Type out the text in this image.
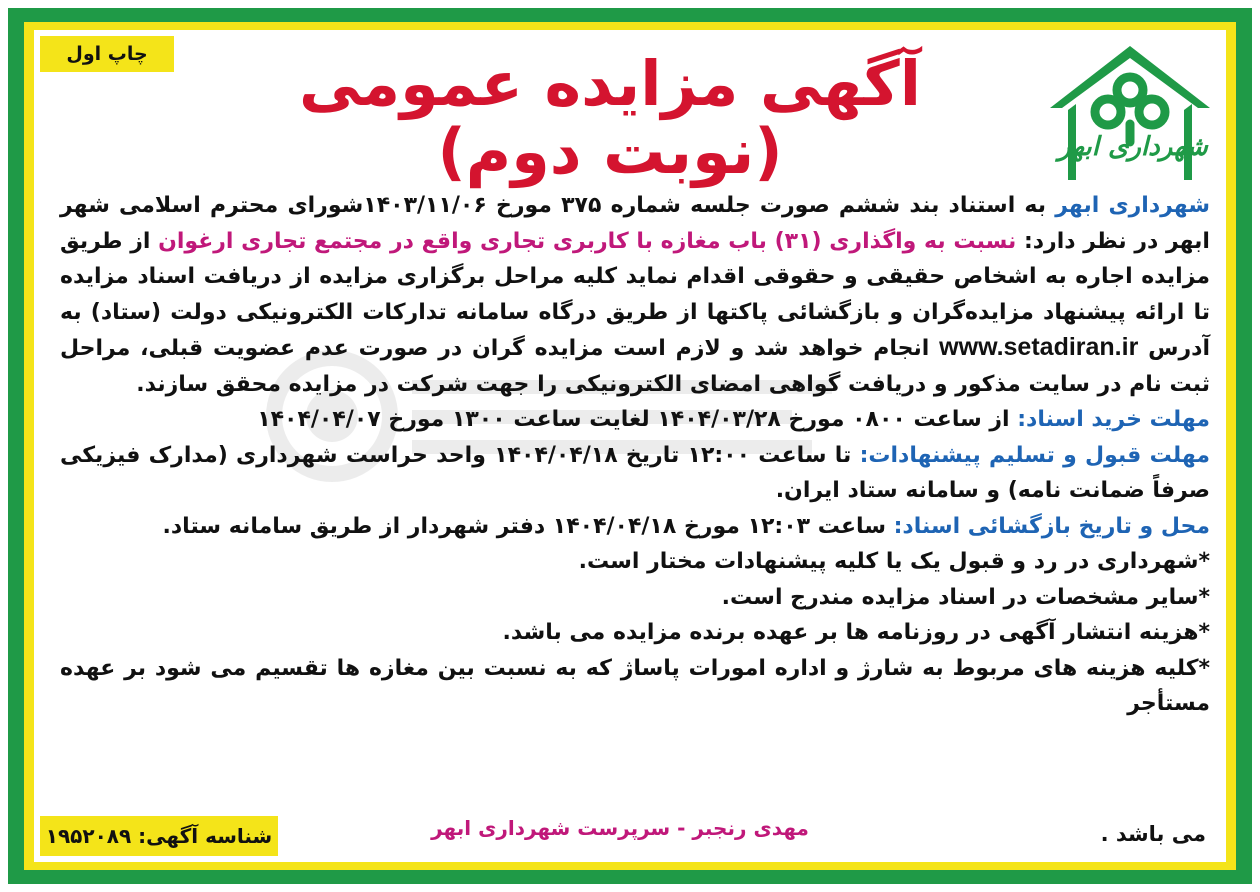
چاپ اول
شهرداری ابهر
آگهی مزایده عمومی (نوبت دوم)

شهرداری ابهر به استناد بند ششم صورت جلسه شماره ۳۷۵ مورخ ۱۴۰۳/۱۱/۰۶شورای محترم اسلامی شهر ابهر در نظر دارد: نسبت به واگذاری (۳۱) باب مغازه با کاربری تجاری واقع در مجتمع تجاری ارغوان از طریق مزایده اجاره به اشخاص حقیقی و حقوقی اقدام نماید کلیه مراحل برگزاری مزایده از دریافت اسناد مزایده تا ارائه پیشنهاد مزایده‌گران و بازگشائی پاکتها از طریق درگاه سامانه تدارکات الکترونیکی دولت (ستاد) به آدرس www.setadiran.ir انجام خواهد شد و لازم است مزایده گران در صورت عدم عضویت قبلی، مراحل ثبت نام در سایت مذکور و دریافت گواهی امضای الکترونیکی را جهت شرکت در مزایده محقق سازند.

مهلت خرید اسناد: از ساعت ۰۸۰۰ مورخ ۱۴۰۴/۰۳/۲۸ لغایت ساعت ۱۳۰۰ مورخ ۱۴۰۴/۰۴/۰۷

مهلت قبول و تسلیم پیشنهادات: تا ساعت ۱۲:۰۰ تاریخ ۱۴۰۴/۰۴/۱۸ واحد حراست شهرداری (مدارک فیزیکی صرفاً ضمانت نامه) و سامانه ستاد ایران.

محل و تاریخ بازگشائی اسناد: ساعت ۱۲:۰۳ مورخ ۱۴۰۴/۰۴/۱۸ دفتر شهردار از طریق سامانه ستاد.

*شهرداری در رد و قبول یک یا کلیه پیشنهادات مختار است.

*سایر مشخصات در اسناد مزایده مندرج است.

*هزینه انتشار آگهی در روزنامه ها بر عهده برنده مزایده می باشد.

*کلیه هزینه های مربوط به شارژ و اداره امورات پاساژ که به نسبت بین مغازه ها تقسیم می شود بر عهده مستأجر

می باشد .
مهدی رنجبر - سرپرست شهرداری ابهر
شناسه آگهی: ۱۹۵۲۰۸۹
